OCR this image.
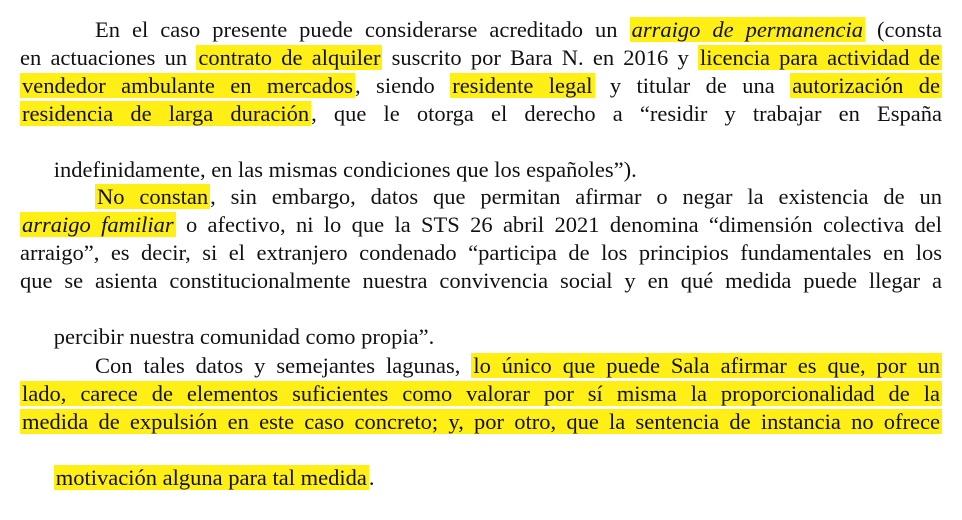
En el caso presente puede considerarse acreditado un arraigo de permanencia (consta
en actuaciones un contrato de alquiler suscrito por Bara N. en 2016 y licencia para actividad de
vendedor ambulante en mercados, siendo residente legal y titular de una autorización de
residencia de larga duración, que le otorga el derecho a “residir y trabajar en España

indefinidamente, en las mismas condiciones que los españoles”).

No constan, sin embargo, datos que permitan afirmar o negar la existencia de un
arraigo familiar o afectivo, ni lo que la STS 26 abril 2021 denomina “dimensión colectiva del
arraigo”, es decir, si el extranjero condenado “participa de los principios fundamentales en los
que se asienta constitucionalmente nuestra convivencia social y en qué medida puede llegar a

percibir nuestra comunidad como propia”.

Con tales datos y semejantes lagunas, lo único que puede Sala afirmar es que, por un
lado, carece de elementos suficientes como valorar por sí misma la proporcionalidad de la
medida de expulsión en este caso concreto; y, por otro, que la sentencia de instancia no ofrece

motivación alguna para tal medida.
